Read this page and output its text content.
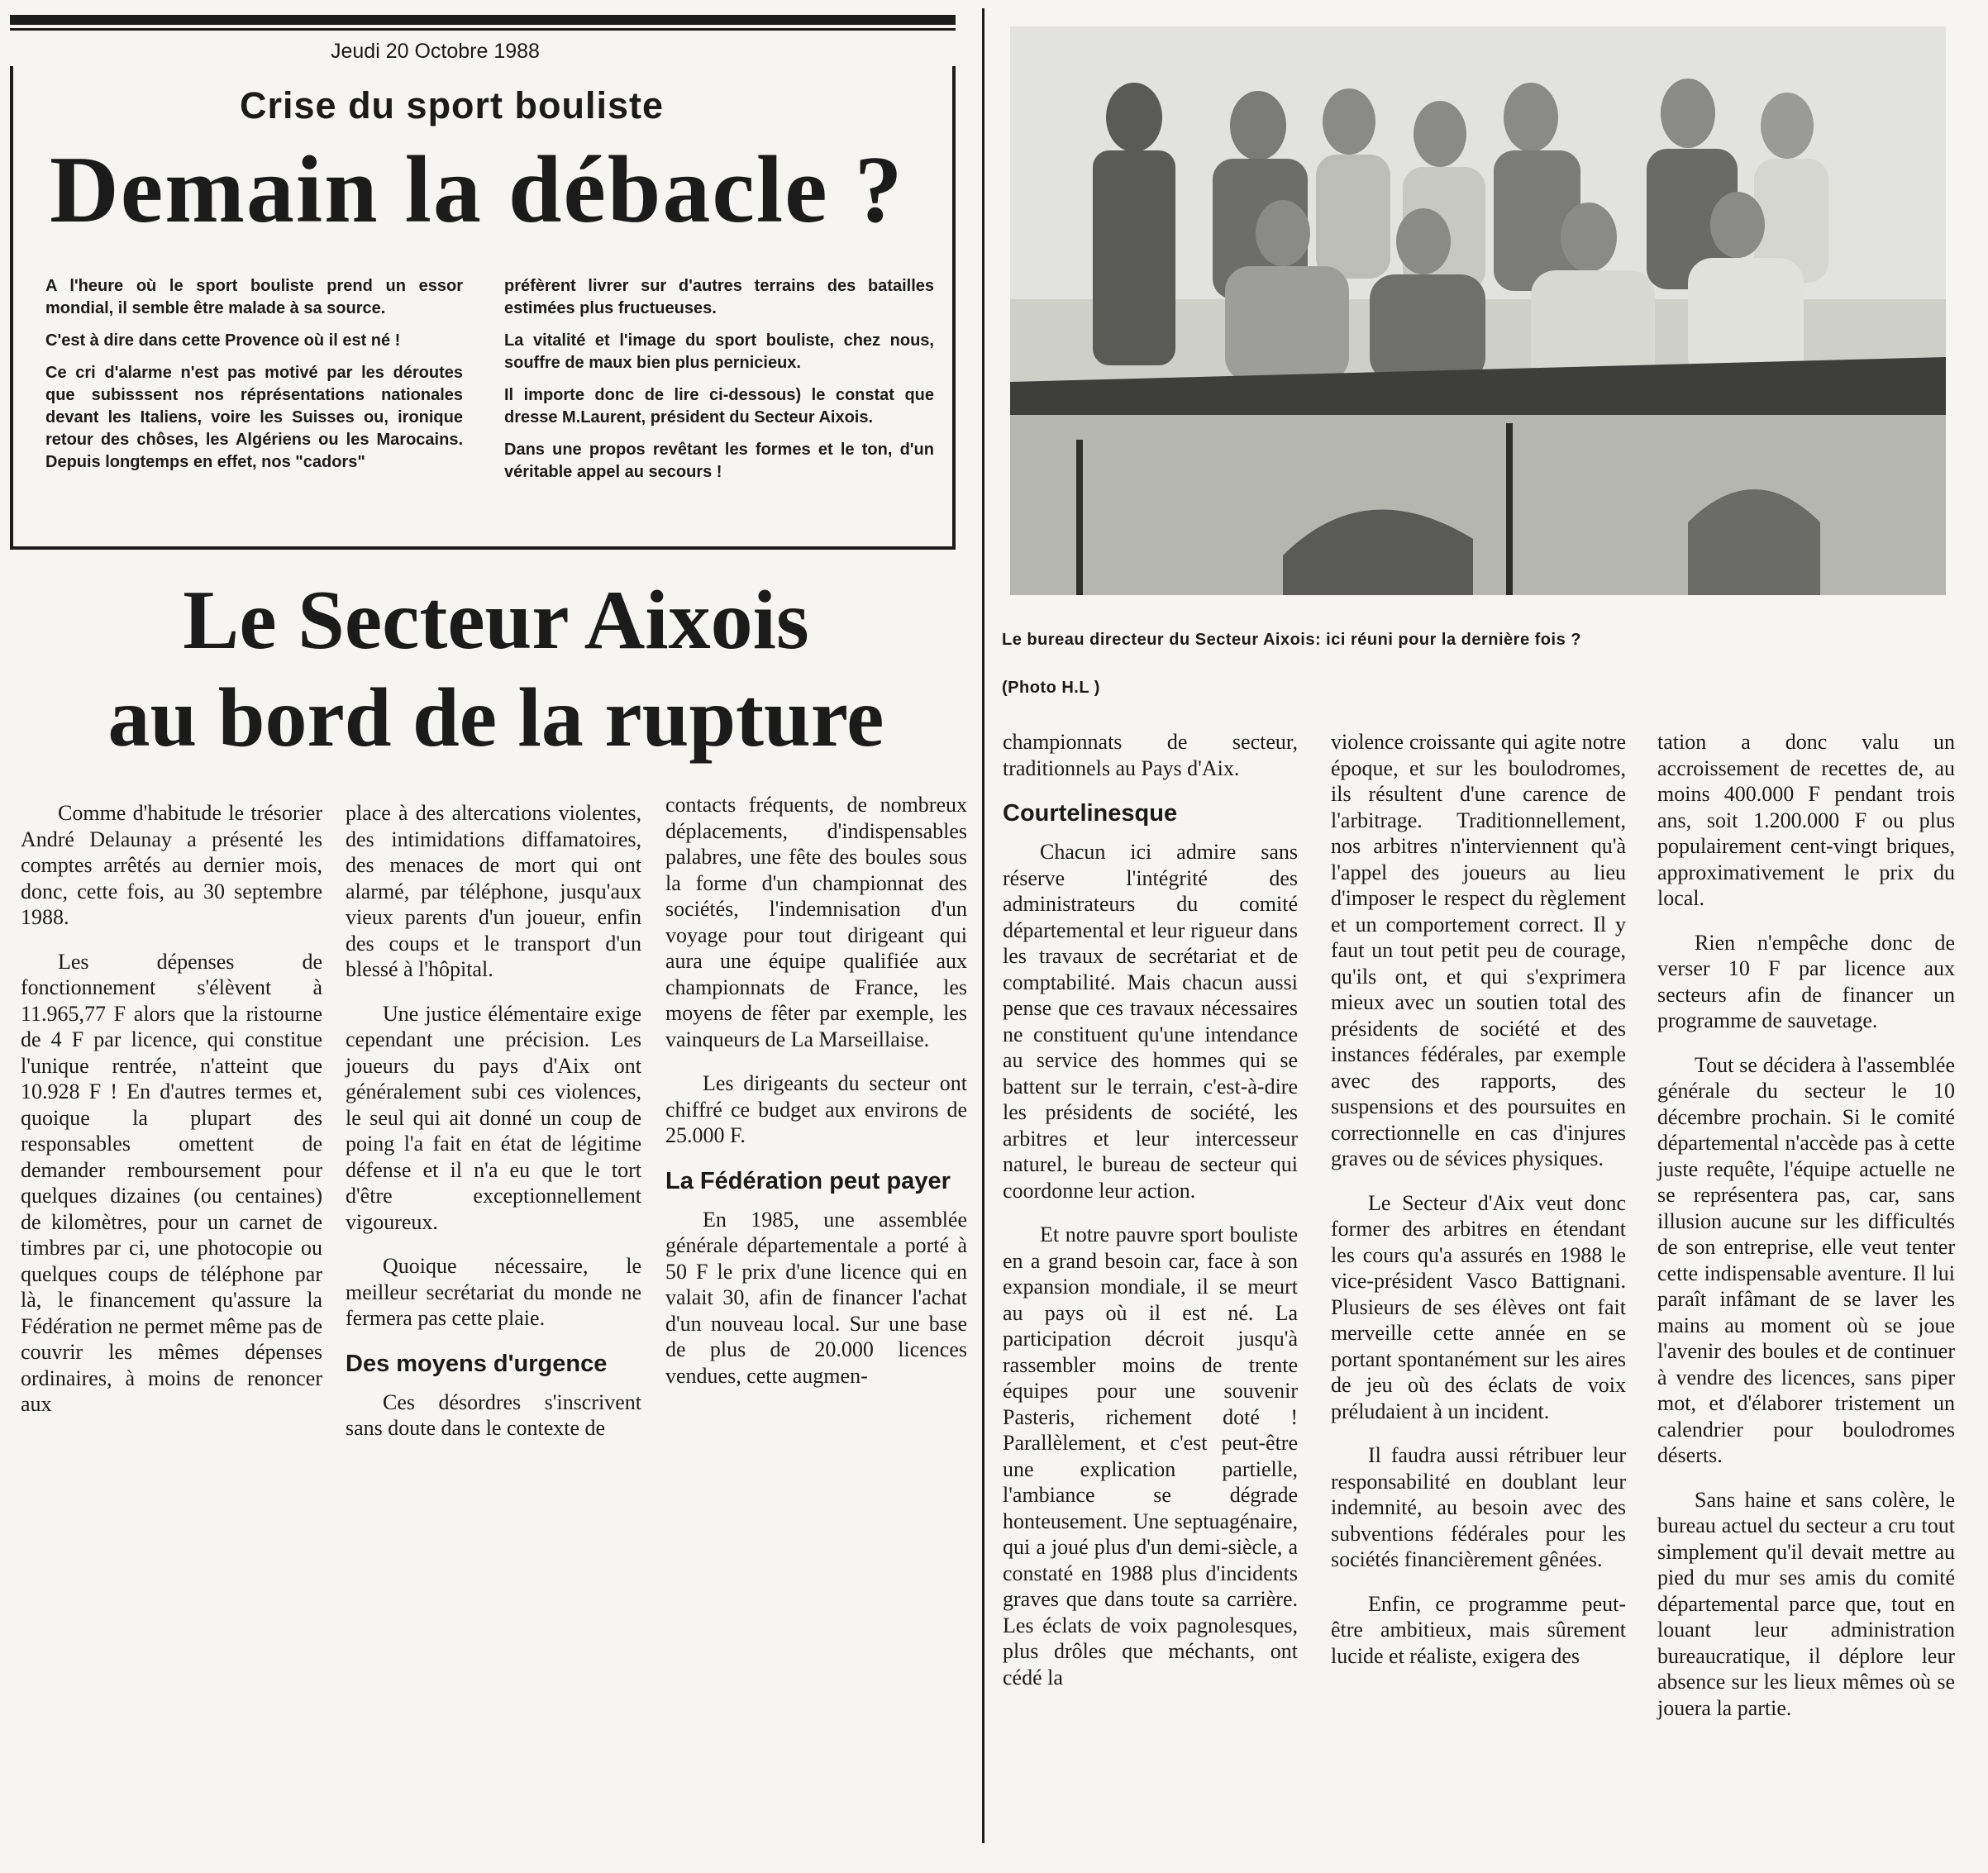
Jeudi 20 Octobre 1988
Crise du sport bouliste
Demain la débacle ?

A l'heure où le sport bouliste prend un essor mondial, il semble être malade à sa source.

C'est à dire dans cette Provence où il est né !

Ce cri d'alarme n'est pas motivé par les déroutes que subisssent nos réprésentations nationales devant les Italiens, voire les Suisses ou, ironique retour des chôses, les Algériens ou les Marocains. Depuis longtemps en effet, nos "cadors"

préfèrent livrer sur d'autres terrains des batailles estimées plus fructueuses.

La vitalité et l'image du sport bouliste, chez nous, souffre de maux bien plus pernicieux.

Il importe donc de lire ci-dessous) le constat que dresse M.Laurent, président du Secteur Aixois.

Dans une propos revêtant les formes et le ton, d'un véritable appel au secours !

Le Secteur Aixois
au bord de la rupture
Le bureau directeur du Secteur Aixois: ici réuni pour la dernière fois ?
(Photo H.L )

Comme d'habitude le trésorier André Delaunay a présenté les comptes arrêtés au dernier mois, donc, cette fois, au 30 septembre 1988.

Les dépenses de fonctionnement s'élèvent à 11.965,77 F alors que la ristourne de 4 F par licence, qui constitue l'unique rentrée, n'atteint que 10.928 F ! En d'autres termes et, quoique la plupart des responsables omettent de demander remboursement pour quelques dizaines (ou centaines) de kilomètres, pour un carnet de timbres par ci, une photocopie ou quelques coups de téléphone par là, le financement qu'assure la Fédération ne permet même pas de couvrir les mêmes dépenses ordinaires, à moins de renoncer aux

place à des altercations violentes, des intimidations diffamatoires, des menaces de mort qui ont alarmé, par téléphone, jusqu'aux vieux parents d'un joueur, enfin des coups et le transport d'un blessé à l'hôpital.

Une justice élémentaire exige cependant une précision. Les joueurs du pays d'Aix ont généralement subi ces violences, le seul qui ait donné un coup de poing l'a fait en état de légitime défense et il n'a eu que le tort d'être exceptionnellement vigoureux.

Quoique nécessaire, le meilleur secrétariat du monde ne fermera pas cette plaie.

Des moyens d'urgence

Ces désordres s'inscrivent sans doute dans le contexte de

contacts fréquents, de nombreux déplacements, d'indispensables palabres, une fête des boules sous la forme d'un championnat des sociétés, l'indemnisation d'un voyage pour tout dirigeant qui aura une équipe qualifiée aux championnats de France, les moyens de fêter par exemple, les vainqueurs de La Marseillaise.

Les dirigeants du secteur ont chiffré ce budget aux environs de 25.000 F.

La Fédération peut payer

En 1985, une assemblée générale départementale a porté à 50 F le prix d'une licence qui en valait 30, afin de financer l'achat d'un nouveau local. Sur une base de plus de 20.000 licences vendues, cette augmen-

championnats de secteur, traditionnels au Pays d'Aix.

Courtelinesque

Chacun ici admire sans réserve l'intégrité des administrateurs du comité départemental et leur rigueur dans les travaux de secrétariat et de comptabilité. Mais chacun aussi pense que ces travaux nécessaires ne constituent qu'une intendance au service des hommes qui se battent sur le terrain, c'est-à-dire les présidents de société, les arbitres et leur intercesseur naturel, le bureau de secteur qui coordonne leur action.

Et notre pauvre sport bouliste en a grand besoin car, face à son expansion mondiale, il se meurt au pays où il est né. La participation décroit jusqu'à rassembler moins de trente équipes pour une souvenir Pasteris, richement doté ! Parallèlement, et c'est peut-être une explication partielle, l'ambiance se dégrade honteusement. Une septuagénaire, qui a joué plus d'un demi-siècle, a constaté en 1988 plus d'incidents graves que dans toute sa carrière. Les éclats de voix pagnolesques, plus drôles que méchants, ont cédé la

violence croissante qui agite notre époque, et sur les boulodromes, ils résultent d'une carence de l'arbitrage. Traditionnellement, nos arbitres n'interviennent qu'à l'appel des joueurs au lieu d'imposer le respect du règlement et un comportement correct. Il y faut un tout petit peu de courage, qu'ils ont, et qui s'exprimera mieux avec un soutien total des présidents de société et des instances fédérales, par exemple avec des rapports, des suspensions et des poursuites en correctionnelle en cas d'injures graves ou de sévices physiques.

Le Secteur d'Aix veut donc former des arbitres en étendant les cours qu'a assurés en 1988 le vice-président Vasco Battignani. Plusieurs de ses élèves ont fait merveille cette année en se portant spontanément sur les aires de jeu où des éclats de voix préludaient à un incident.

Il faudra aussi rétribuer leur responsabilité en doublant leur indemnité, au besoin avec des subventions fédérales pour les sociétés financièrement gênées.

Enfin, ce programme peut-être ambitieux, mais sûrement lucide et réaliste, exigera des

tation a donc valu un accroissement de recettes de, au moins 400.000 F pendant trois ans, soit 1.200.000 F ou plus populairement cent-vingt briques, approximativement le prix du local.

Rien n'empêche donc de verser 10 F par licence aux secteurs afin de financer un programme de sauvetage.

Tout se décidera à l'assemblée générale du secteur le 10 décembre prochain. Si le comité départemental n'accède pas à cette juste requête, l'équipe actuelle ne se représentera pas, car, sans illusion aucune sur les difficultés de son entreprise, elle veut tenter cette indispensable aventure. Il lui paraît infâmant de se laver les mains au moment où se joue l'avenir des boules et de continuer à vendre des licences, sans piper mot, et d'élaborer tristement un calendrier pour boulodromes déserts.

Sans haine et sans colère, le bureau actuel du secteur a cru tout simplement qu'il devait mettre au pied du mur ses amis du comité départemental parce que, tout en louant leur administration bureaucratique, il déplore leur absence sur les lieux mêmes où se jouera la partie.
